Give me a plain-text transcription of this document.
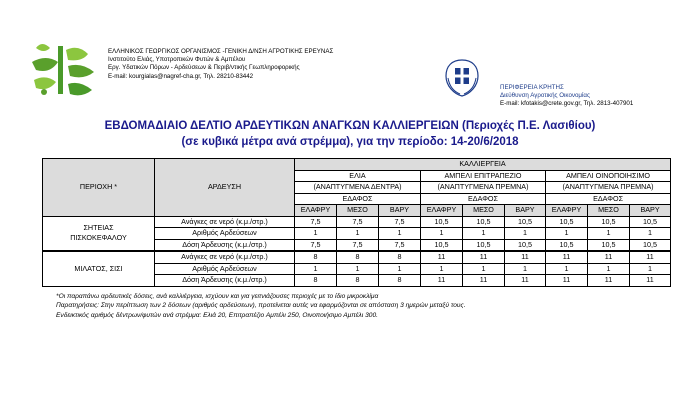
ΕΛΛΗΝΙΚΟΣ ΓΕΩΡΓΙΚΟΣ ΟΡΓΑΝΙΣΜΟΣ -ΓΕΝΙΚΗ Δ/ΝΣΗ ΑΓΡΟΤΙΚΗΣ ΕΡΕΥΝΑΣ
Ινστιτούτο Ελιάς, Υποτροπικών Φυτών & Αμπέλου
Εργ. Υδατικών Πόρων - Αρδεύσεων & Περιβ/ντικής Γεωπληροφορικής
E-mail: kourgialas@nagref-cha.gr, Τηλ. 28210-83442
ΠΕΡΙΦΕΡΕΙΑ ΚΡΗΤΗΣ
Διεύθυνση Αγροτικής Οικονομίας
E-mail: kfotakis@crete.gov.gr, Τηλ. 2813-407901
ΕΒΔΟΜΑΔΙΑΙΟ ΔΕΛΤΙΟ ΑΡΔΕΥΤΙΚΩΝ ΑΝΑΓΚΩΝ ΚΑΛΛΙΕΡΓΕΙΩΝ (Περιοχές Π.Ε. Λασιθίου)
(σε κυβικά μέτρα ανά στρέμμα), για την περίοδο: 14-20/6/2018
ΠΕΡΙΟΧΗ *	ΑΡΔΕΥΣΗ	ΚΑΛΛΙΕΡΓΕΙΑ								
		ΕΛΙΑ			ΑΜΠΕΛΙ ΕΠΙΤΡΑΠΕΖΙΟ			ΑΜΠΕΛΙ ΟΙΝΟΠΟΙΗΣΙΜΟ		
		(ΑΝΑΠΤΥΓΜΕΝΑ ΔΕΝΤΡΑ)			(ΑΝΑΠΤΥΓΜΕΝΑ ΠΡΕΜΝΑ)			(ΑΝΑΠΤΥΓΜΕΝΑ ΠΡΕΜΝΑ)		
		ΕΔΑΦΟΣ			ΕΔΑΦΟΣ			ΕΔΑΦΟΣ		
		ΕΛΑΦΡΥ	ΜΕΣΟ	ΒΑΡΥ	ΕΛΑΦΡΥ	ΜΕΣΟ	ΒΑΡΥ	ΕΛΑΦΡΥ	ΜΕΣΟ	ΒΑΡΥ

ΣΗΤΕΙΑΣ
ΠΙΣΚΟΚΕΦΑΛΟΥ	Ανάγκες σε νερό (κ.μ./στρ.)	7,5	7,5	7,5	10,5	10,5	10,5	10,5	10,5	10,5
	Αριθμός Αρδεύσεων	1	1	1	1	1	1	1	1	1
	Δόση Άρδευσης (κ.μ./στρ.)	7,5	7,5	7,5	10,5	10,5	10,5	10,5	10,5	10,5

ΜΙΛΑΤΟΣ, ΣΙΣΙ	Ανάγκες σε νερό (κ.μ./στρ.)	8	8	8	11	11	11	11	11	11
	Αριθμός Αρδεύσεων	1	1	1	1	1	1	1	1	1
	Δόση Άρδευσης (κ.μ./στρ.)	8	8	8	11	11	11	11	11	11
*Οι παραπάνω αρδευτικές δόσεις, ανά καλλιέργεια, ισχύουν και για γειτνιάζουσες περιοχές με το ίδιο μικροκλίμα
Παρατηρήσεις: Στην περίπτωση των 2 δόσεων (αριθμός αρδεύσεων), προτείνεται αυτές να εφαρμόζονται σε απόσταση 3 ημερών μεταξύ τους.
Ενδεικτικός αριθμός δέντρων/φυτών ανά στρέμμα: Ελιά 20, Επιτραπέζιο Αμπέλι 250, Οινοποιήσιμο Αμπέλι 300.
